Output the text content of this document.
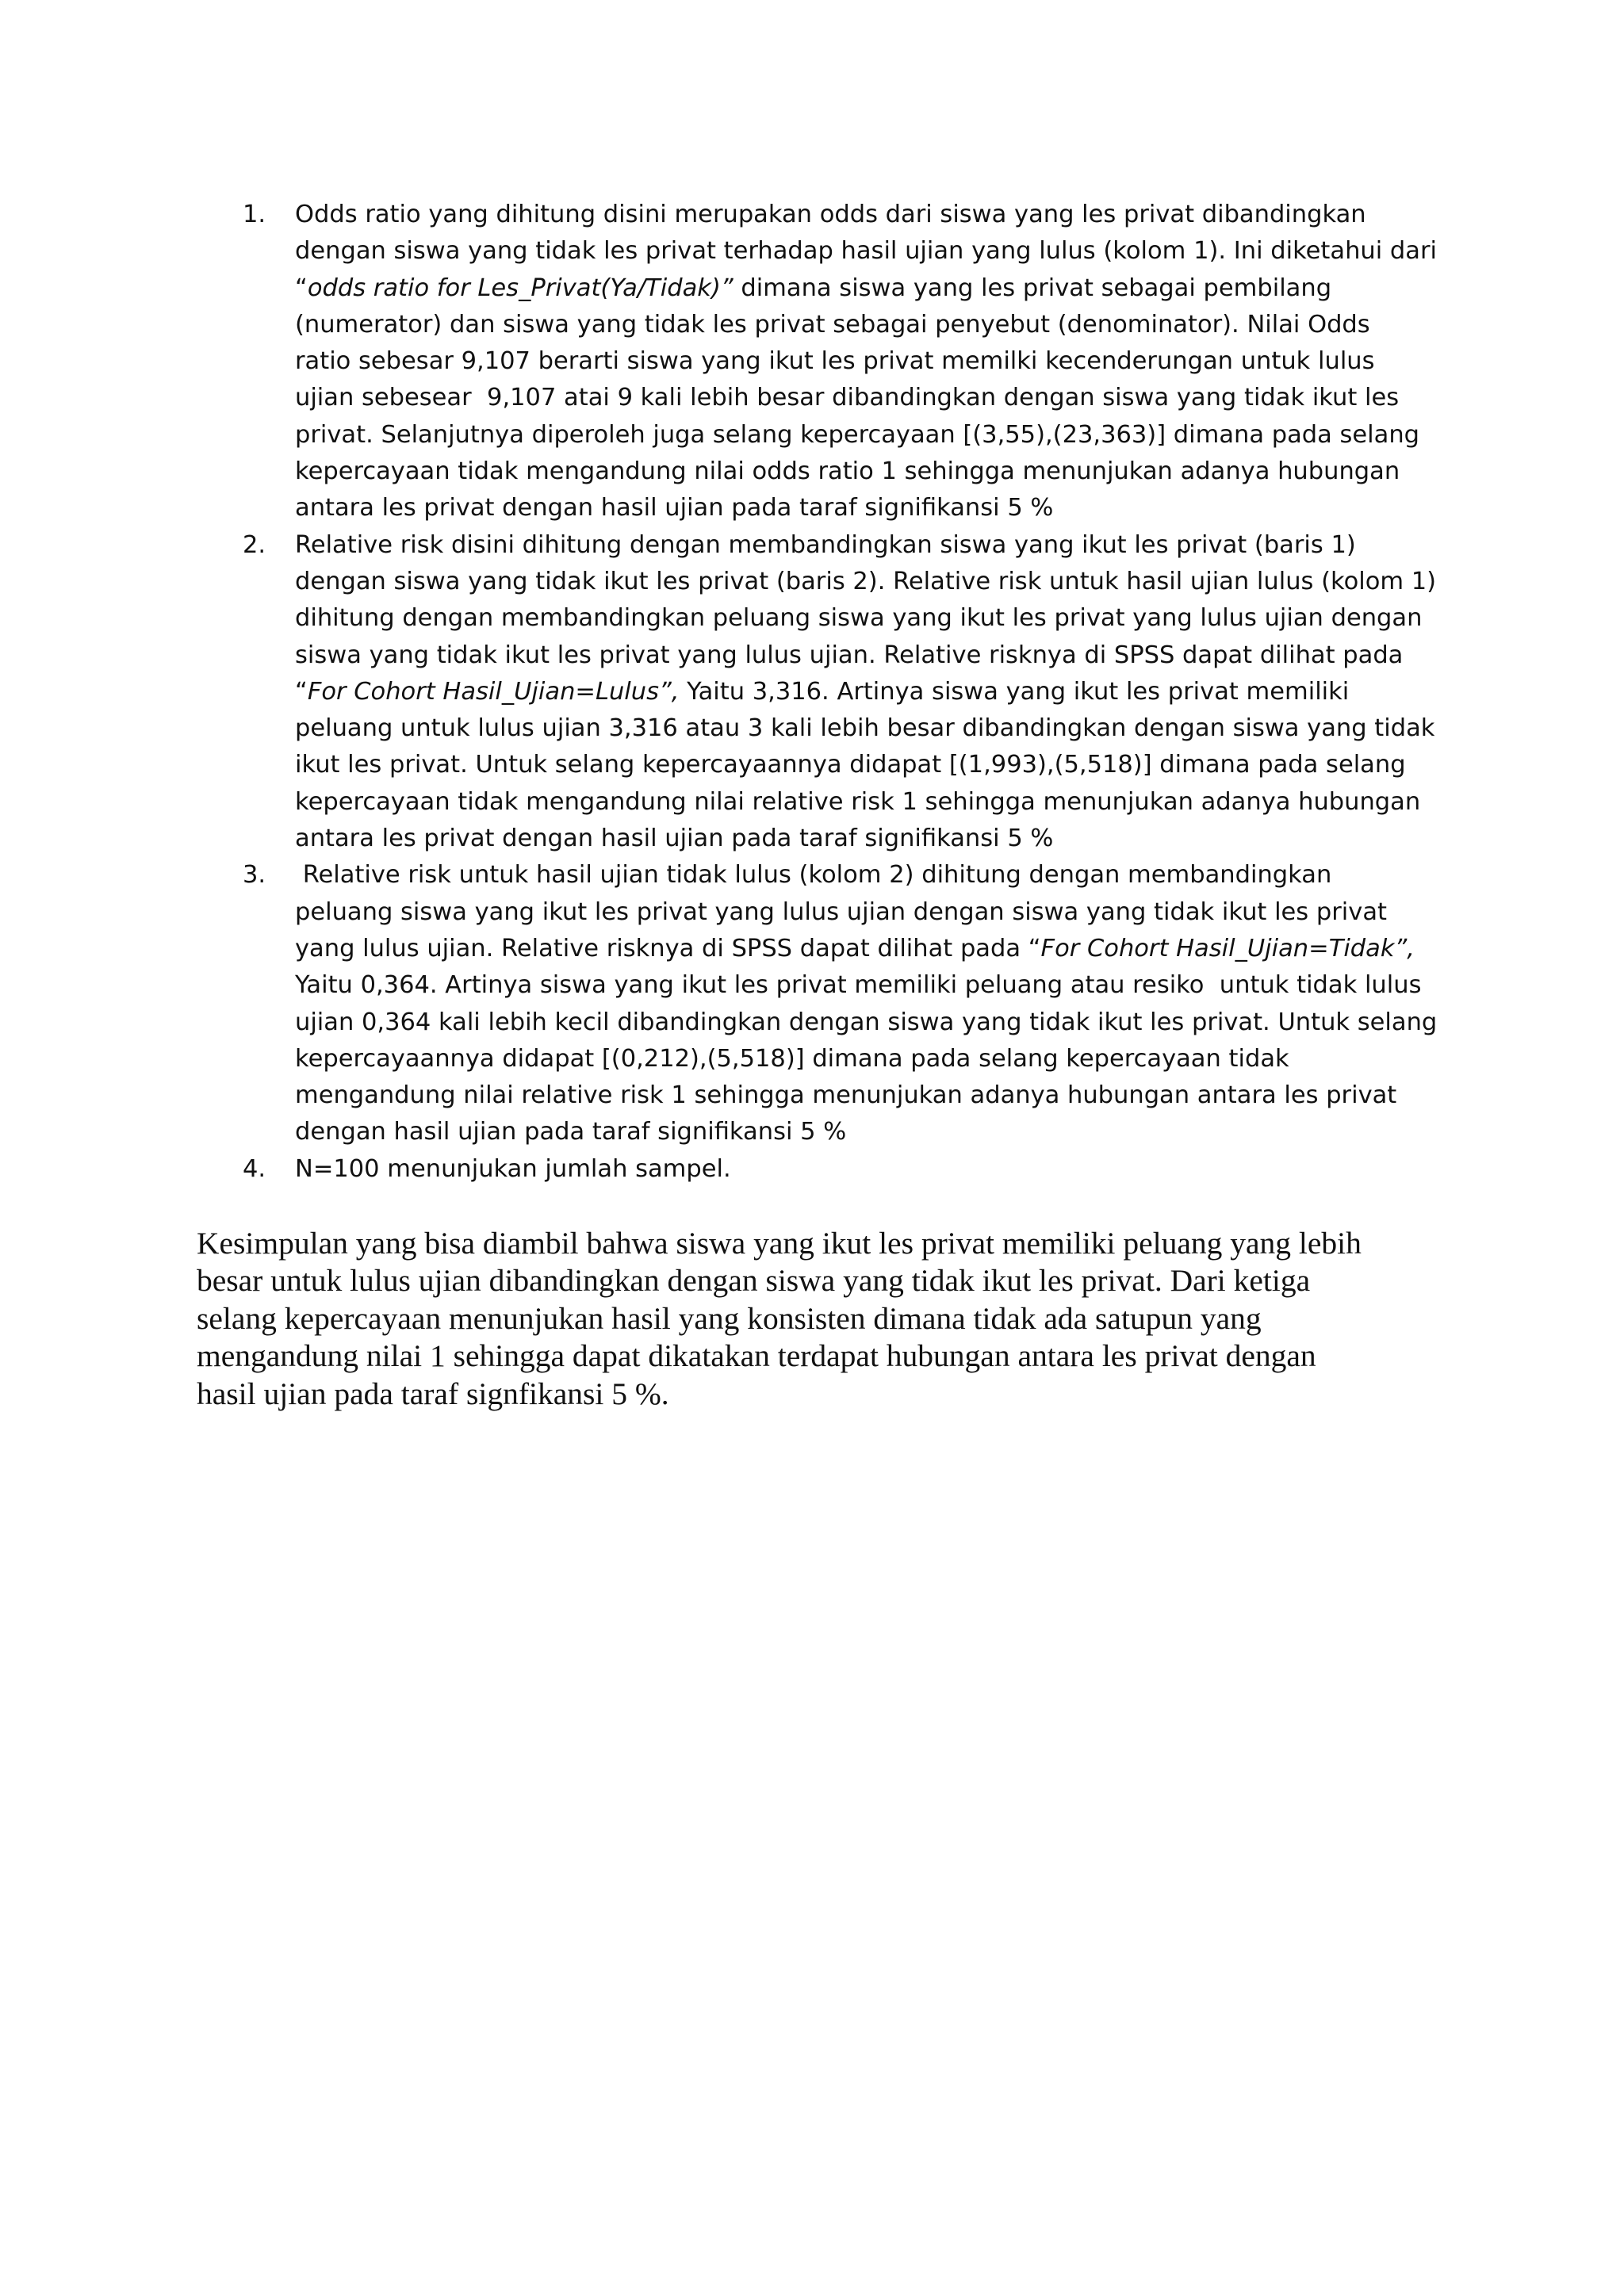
1.	Odds ratio yang dihitung disini merupakan odds dari siswa yang les privat dibandingkan
dengan siswa yang tidak les privat terhadap hasil ujian yang lulus (kolom 1). Ini diketahui dari
“odds ratio for Les_Privat(Ya/Tidak)” dimana siswa yang les privat sebagai pembilang
(numerator) dan siswa yang tidak les privat sebagai penyebut (denominator). Nilai Odds
ratio sebesar 9,107 berarti siswa yang ikut les privat memilki kecenderungan untuk lulus
ujian sebesear  9,107 atai 9 kali lebih besar dibandingkan dengan siswa yang tidak ikut les
privat. Selanjutnya diperoleh juga selang kepercayaan [(3,55),(23,363)] dimana pada selang
kepercayaan tidak mengandung nilai odds ratio 1 sehingga menunjukan adanya hubungan
antara les privat dengan hasil ujian pada taraf signifikansi 5 %
2.	Relative risk disini dihitung dengan membandingkan siswa yang ikut les privat (baris 1)
dengan siswa yang tidak ikut les privat (baris 2). Relative risk untuk hasil ujian lulus (kolom 1)
dihitung dengan membandingkan peluang siswa yang ikut les privat yang lulus ujian dengan
siswa yang tidak ikut les privat yang lulus ujian. Relative risknya di SPSS dapat dilihat pada
“For Cohort Hasil_Ujian=Lulus”, Yaitu 3,316. Artinya siswa yang ikut les privat memiliki
peluang untuk lulus ujian 3,316 atau 3 kali lebih besar dibandingkan dengan siswa yang tidak
ikut les privat. Untuk selang kepercayaannya didapat [(1,993),(5,518)] dimana pada selang
kepercayaan tidak mengandung nilai relative risk 1 sehingga menunjukan adanya hubungan
antara les privat dengan hasil ujian pada taraf signifikansi 5 %
3.	Relative risk untuk hasil ujian tidak lulus (kolom 2) dihitung dengan membandingkan
peluang siswa yang ikut les privat yang lulus ujian dengan siswa yang tidak ikut les privat
yang lulus ujian. Relative risknya di SPSS dapat dilihat pada “For Cohort Hasil_Ujian=Tidak”,
Yaitu 0,364. Artinya siswa yang ikut les privat memiliki peluang atau resiko  untuk tidak lulus
ujian 0,364 kali lebih kecil dibandingkan dengan siswa yang tidak ikut les privat. Untuk selang
kepercayaannya didapat [(0,212),(5,518)] dimana pada selang kepercayaan tidak
mengandung nilai relative risk 1 sehingga menunjukan adanya hubungan antara les privat
dengan hasil ujian pada taraf signifikansi 5 %
4.	N=100 menunjukan jumlah sampel.
Kesimpulan yang bisa diambil bahwa siswa yang ikut les privat memiliki peluang yang lebih
besar untuk lulus ujian dibandingkan dengan siswa yang tidak ikut les privat. Dari ketiga
selang kepercayaan menunjukan hasil yang konsisten dimana tidak ada satupun yang
mengandung nilai 1 sehingga dapat dikatakan terdapat hubungan antara les privat dengan
hasil ujian pada taraf signfikansi 5 %.
